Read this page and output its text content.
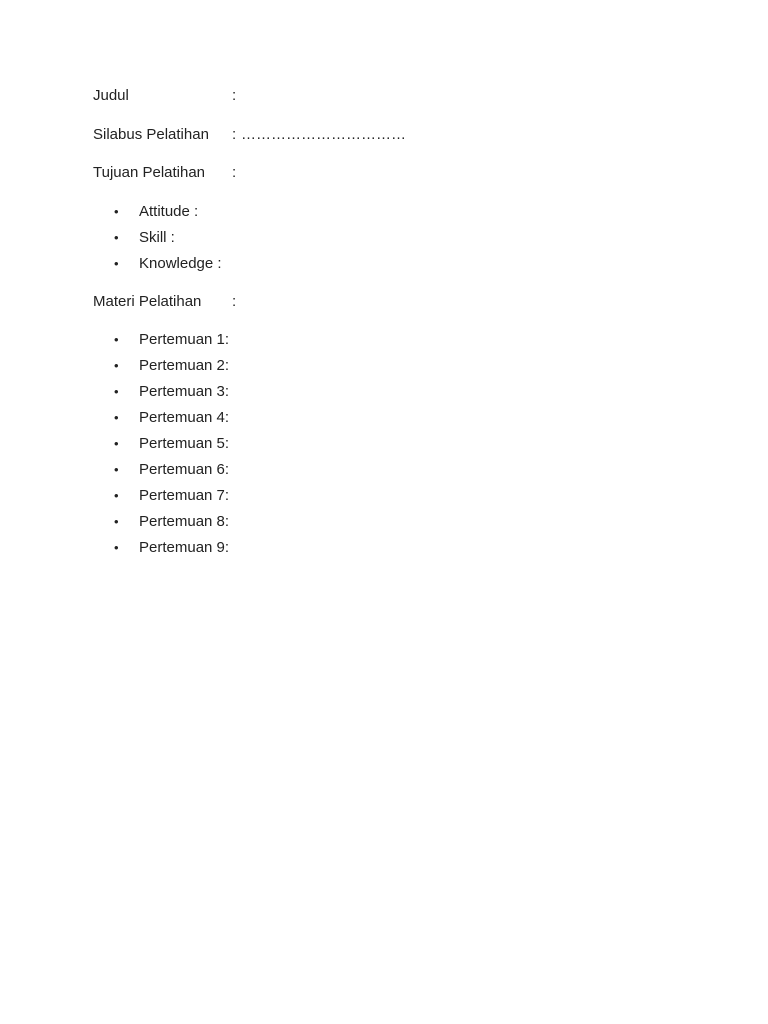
Judul	:
Silabus Pelatihan : ……………………………
Tujuan Pelatihan :
•	Attitude :
•	Skill :
•	Knowledge :
Materi Pelatihan :
•	Pertemuan 1:
•	Pertemuan 2:
•	Pertemuan 3:
•	Pertemuan 4:
•	Pertemuan 5:
•	Pertemuan 6:
•	Pertemuan 7:
•	Pertemuan 8:
•	Pertemuan 9:
